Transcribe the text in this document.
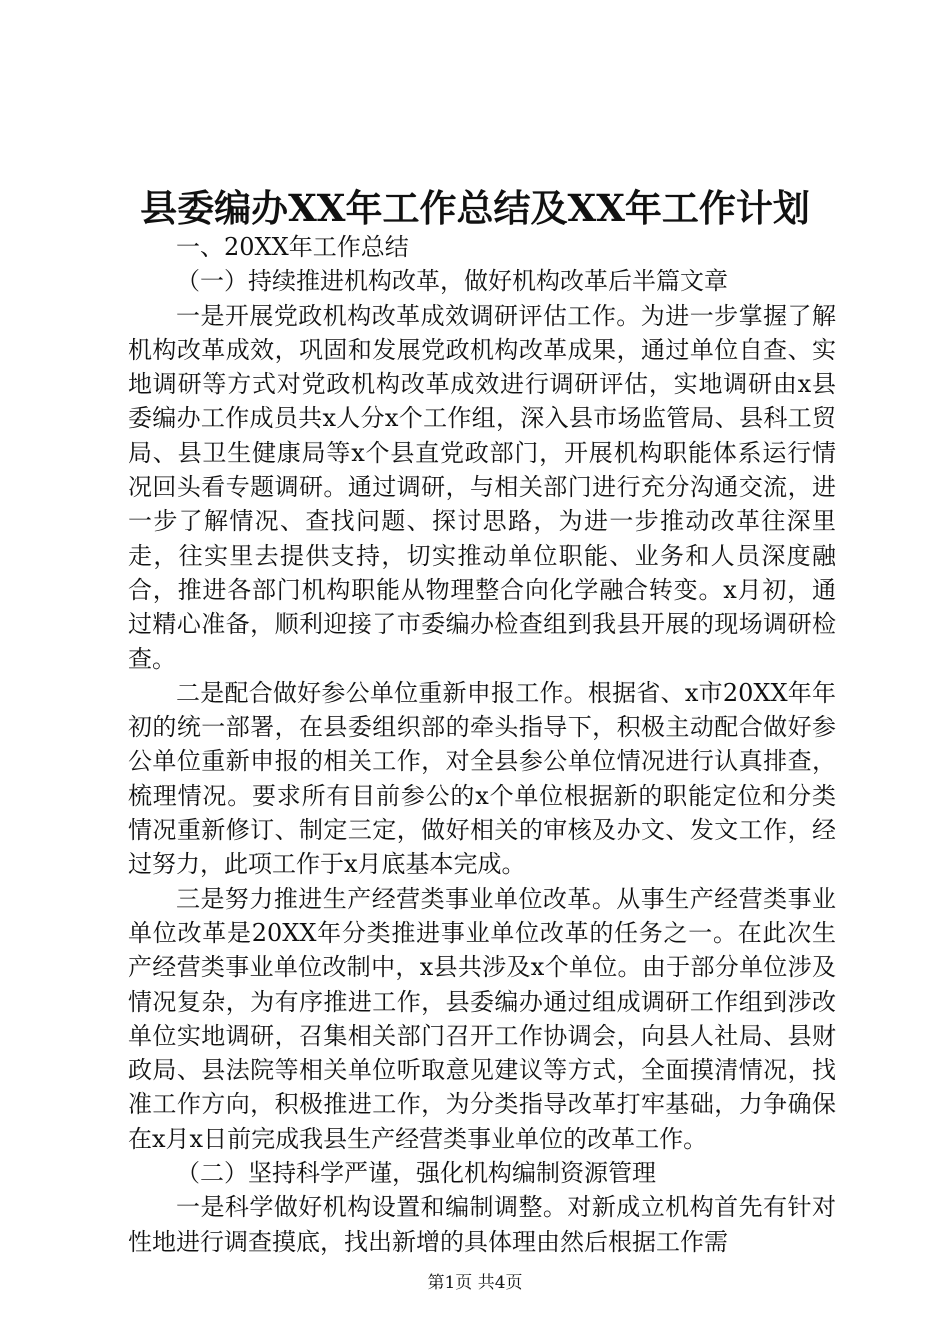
县委编办XX年工作总结及XX年工作计划

一、20XX年工作总结

（一）持续推进机构改革，做好机构改革后半篇文章

一是开展党政机构改革成效调研评估工作。为进一步掌握了解机构改革成效，巩固和发展党政机构改革成果，通过单位自查、实地调研等方式对党政机构改革成效进行调研评估，实地调研由x县委编办工作成员共x人分x个工作组，深入县市场监管局、县科工贸局、县卫生健康局等x个县直党政部门，开展机构职能体系运行情况回头看专题调研。通过调研，与相关部门进行充分沟通交流，进一步了解情况、查找问题、探讨思路，为进一步推动改革往深里走，往实里去提供支持，切实推动单位职能、业务和人员深度融合，推进各部门机构职能从物理整合向化学融合转变。x月初，通过精心准备，顺利迎接了市委编办检查组到我县开展的现场调研检查。

二是配合做好参公单位重新申报工作。根据省、x市20XX年年初的统一部署，在县委组织部的牵头指导下，积极主动配合做好参公单位重新申报的相关工作，对全县参公单位情况进行认真排查，梳理情况。要求所有目前参公的x个单位根据新的职能定位和分类情况重新修订、制定三定，做好相关的审核及办文、发文工作，经过努力，此项工作于x月底基本完成。

三是努力推进生产经营类事业单位改革。从事生产经营类事业单位改革是20XX年分类推进事业单位改革的任务之一。在此次生产经营类事业单位改制中，x县共涉及x个单位。由于部分单位涉及情况复杂，为有序推进工作，县委编办通过组成调研工作组到涉改单位实地调研，召集相关部门召开工作协调会，向县人社局、县财政局、县法院等相关单位听取意见建议等方式，全面摸清情况，找准工作方向，积极推进工作，为分类指导改革打牢基础，力争确保在x月x日前完成我县生产经营类事业单位的改革工作。

（二）坚持科学严谨，强化机构编制资源管理

一是科学做好机构设置和编制调整。对新成立机构首先有针对性地进行调查摸底，找出新增的具体理由然后根据工作需

第1页 共4页
